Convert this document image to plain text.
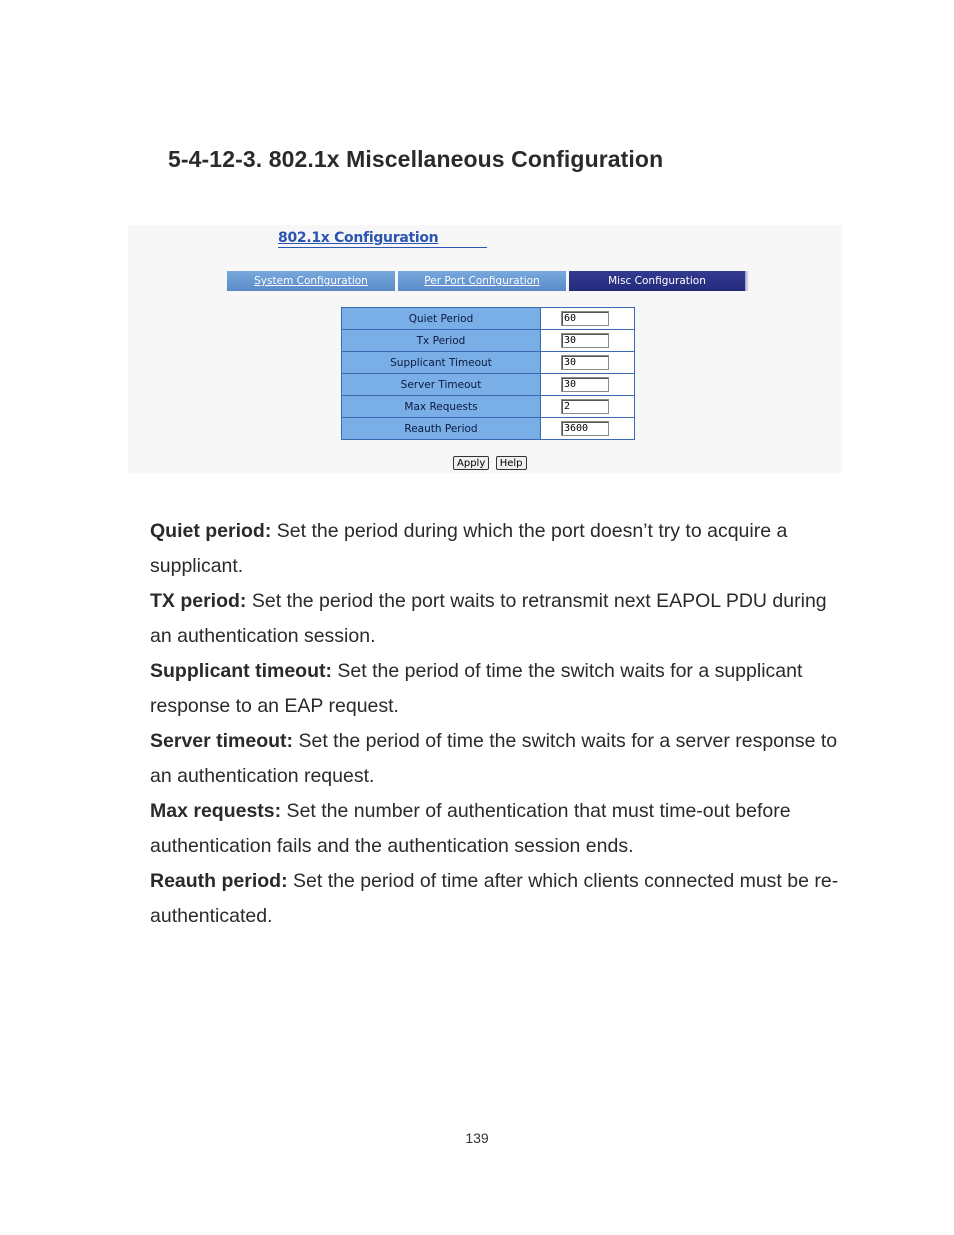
5-4-12-3. 802.1x Miscellaneous Configuration
802.1x Configuration
System Configuration	Per Port Configuration	Misc Configuration
Quiet Period	60
Tx Period	30
Supplicant Timeout	30
Server Timeout	30
Max Requests	2
Reauth Period	3600
Apply Help

Quiet period: Set the period during which the port doesn’t try to acquire a supplicant.

TX period: Set the period the port waits to retransmit next EAPOL PDU during an authentication session.

Supplicant timeout: Set the period of time the switch waits for a supplicant response to an EAP request.

Server timeout: Set the period of time the switch waits for a server response to an authentication request.

Max requests: Set the number of authentication that must time-out before authentication fails and the authentication session ends.

Reauth period: Set the period of time after which clients connected must be re-authenticated.

139
